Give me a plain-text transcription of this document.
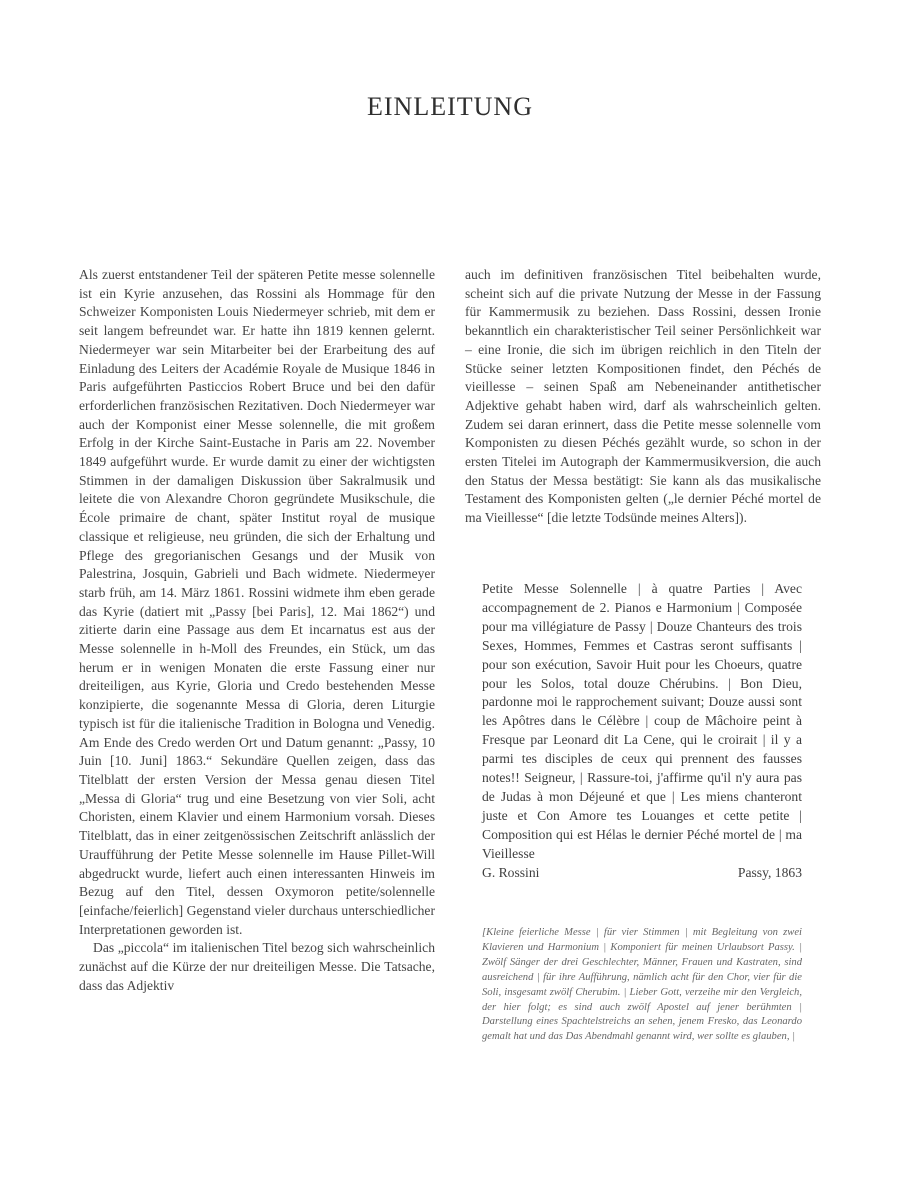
EINLEITUNG

Als zuerst entstandener Teil der späteren Petite messe solennelle ist ein Kyrie anzusehen, das Rossini als Hommage für den Schweizer Komponisten Louis Niedermeyer schrieb, mit dem er seit langem befreundet war. Er hatte ihn 1819 kennen gelernt. Niedermeyer war sein Mitarbeiter bei der Erarbeitung des auf Einladung des Leiters der Académie Royale de Musique 1846 in Paris aufgeführten Pasticcios Robert Bruce und bei den dafür erforderlichen französischen Rezitativen. Doch Niedermeyer war auch der Komponist einer Messe solennelle, die mit großem Erfolg in der Kirche Saint-Eustache in Paris am 22. November 1849 aufgeführt wurde. Er wurde damit zu einer der wichtigsten Stimmen in der damaligen Diskussion über Sakralmusik und leitete die von Alexandre Choron gegründete Musikschule, die École primaire de chant, später Institut royal de musique classique et religieuse, neu gründen, die sich der Erhaltung und Pflege des gregorianischen Gesangs und der Musik von Palestrina, Josquin, Gabrieli und Bach widmete. Niedermeyer starb früh, am 14. März 1861. Rossini widmete ihm eben gerade das Kyrie (datiert mit „Passy [bei Paris], 12. Mai 1862“) und zitierte darin eine Passage aus dem Et incarnatus est aus der Messe solennelle in h-Moll des Freundes, ein Stück, um das herum er in wenigen Monaten die erste Fassung einer nur dreiteiligen, aus Kyrie, Gloria und Credo bestehenden Messe konzipierte, die sogenannte Messa di Gloria, deren Liturgie typisch ist für die italienische Tradition in Bologna und Venedig. Am Ende des Credo werden Ort und Datum genannt: „Passy, 10 Juin [10. Juni] 1863.“ Sekundäre Quellen zeigen, dass das Titelblatt der ersten Version der Messa genau diesen Titel „Messa di Gloria“ trug und eine Besetzung von vier Soli, acht Choristen, einem Klavier und einem Harmonium vorsah. Dieses Titelblatt, das in einer zeitgenössischen Zeitschrift anlässlich der Uraufführung der Petite Messe solennelle im Hause Pillet-Will abgedruckt wurde, liefert auch einen interessanten Hinweis im Bezug auf den Titel, dessen Oxymoron petite/solennelle [einfache/feierlich] Gegenstand vieler durchaus unterschiedlicher Interpretationen geworden ist.

Das „piccola“ im italienischen Titel bezog sich wahrscheinlich zunächst auf die Kürze der nur dreiteiligen Messe. Die Tatsache, dass das Adjektiv

auch im definitiven französischen Titel beibehalten wurde, scheint sich auf die private Nutzung der Messe in der Fassung für Kammermusik zu beziehen. Dass Rossini, dessen Ironie bekanntlich ein charakteristischer Teil seiner Persönlichkeit war – eine Ironie, die sich im übrigen reichlich in den Titeln der Stücke seiner letzten Kompositionen findet, den Péchés de vieillesse – seinen Spaß am Nebeneinander antithetischer Adjektive gehabt haben wird, darf als wahrscheinlich gelten. Zudem sei daran erinnert, dass die Petite messe solennelle vom Komponisten zu diesen Péchés gezählt wurde, so schon in der ersten Titelei im Autograph der Kammermusikversion, die auch den Status der Messa bestätigt: Sie kann als das musikalische Testament des Komponisten gelten („le dernier Péché mortel de ma Vieillesse“ [die letzte Todsünde meines Alters]).

Petite Messe Solennelle | à quatre Parties | Avec accompagnement de 2. Pianos e Harmonium | Composée pour ma villégiature de Passy | Douze Chanteurs des trois Sexes, Hommes, Femmes et Castras seront suffisants | pour son exécution, Savoir Huit pour les Choeurs, quatre pour les Solos, total douze Chérubins. | Bon Dieu, pardonne moi le rapprochement suivant; Douze aussi sont les Apôtres dans le Célèbre | coup de Mâchoire peint à Fresque par Leonard dit La Cene, qui le croirait | il y a parmi tes disciples de ceux qui prennent des fausses notes!! Seigneur, | Rassure-toi, j'affirme qu'il n'y aura pas de Judas à mon Déjeuné et que | Les miens chanteront juste et Con Amore tes Louanges et cette petite | Composition qui est Hélas le dernier Péché mortel de | ma Vieillesse
G. Rossini	Passy, 1863
[Kleine feierliche Messe | für vier Stimmen | mit Begleitung von zwei Klavieren und Harmonium | Komponiert für meinen Urlaubsort Passy. | Zwölf Sänger der drei Geschlechter, Männer, Frauen und Kastraten, sind ausreichend | für ihre Aufführung, nämlich acht für den Chor, vier für die Soli, insgesamt zwölf Cherubim. | Lieber Gott, verzeihe mir den Vergleich, der hier folgt; es sind auch zwölf Apostel auf jener berühmten | Darstellung eines Spachtelstreichs an sehen, jenem Fresko, das Leonardo gemalt hat und das Das Abendmahl genannt wird, wer sollte es glauben, |
